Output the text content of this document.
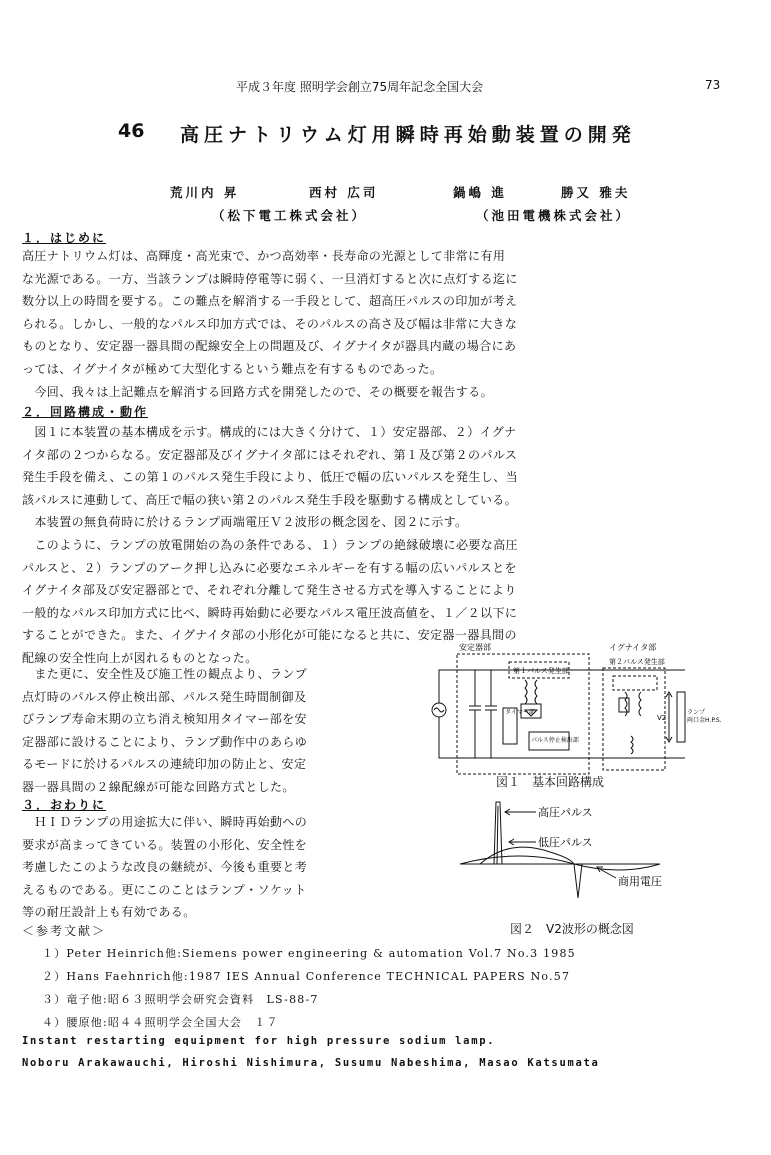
平成３年度 照明学会創立75周年記念全国大会	73
46 高圧ナトリウム灯用瞬時再始動装置の開発
荒川内 昇	西村 広司	鍋嶋 進	勝又 雅夫
（松下電工株式会社）	（池田電機株式会社）
１．はじめに
高圧ナトリウム灯は、高輝度・高光束で、かつ高効率・長寿命の光源として非常に有用
な光源である。一方、当該ランプは瞬時停電等に弱く、一旦消灯すると次に点灯する迄に
数分以上の時間を要する。この難点を解消する一手段として、超高圧パルスの印加が考え
られる。しかし、一般的なパルス印加方式では、そのパルスの高さ及び幅は非常に大きな
ものとなり、安定器一器具間の配線安全上の問題及び、イグナイタが器具内蔵の場合にあ
っては、イグナイタが極めて大型化するという難点を有するものであった。
　今回、我々は上記難点を解消する回路方式を開発したので、その概要を報告する。
２．回路構成・動作
　図１に本装置の基本構成を示す。構成的には大きく分けて、１）安定器部、２）イグナ
イタ部の２つからなる。安定器部及びイグナイタ部にはそれぞれ、第１及び第２のパルス
発生手段を備え、この第１のパルス発生手段により、低圧で幅の広いパルスを発生し、当
該パルスに連動して、高圧で幅の狭い第２のパルス発生手段を駆動する構成としている。
　本装置の無負荷時に於けるランプ両端電圧Ｖ２波形の概念図を、図２に示す。
　このように、ランプの放電開始の為の条件である、１）ランプの絶縁破壊に必要な高圧
パルスと、２）ランプのアーク押し込みに必要なエネルギーを有する幅の広いパルスとを
イグナイタ部及び安定器部とで、それぞれ分離して発生させる方式を導入することにより
一般的なパルス印加方式に比べ、瞬時再始動に必要なパルス電圧波高値を、１／２以下に
することができた。また、イグナイタ部の小形化が可能になると共に、安定器一器具間の
配線の安全性向上が図れるものとなった。
　また更に、安全性及び施工性の観点より、ランプ
点灯時のパルス停止検出部、パルス発生時間制御及
びランプ寿命末期の立ち消え検知用タイマー部を安
定器部に設けることにより、ランプ動作中のあらゆ
るモードに於けるパルスの連続印加の防止と、安定
器一器具間の２線配線が可能な回路方式とした。
３．おわりに
　ＨＩＤランプの用途拡大に伴い、瞬時再始動への
要求が高まってきている。装置の小形化、安全性を
考慮したこのような改良の継続が、今後も重要と考
えるものである。更にこのことはランプ・ソケット
等の耐圧設計上も有効である。
＜参考文献＞
１）Peter Heinrich他:Siemens power engineering & automation Vol.7 No.3 1985
２）Hans Faehnrich他:1987 IES Annual Conference TECHNICAL PAPERS No.57
３）竜子他:昭６３照明学会研究会資料　LS-88-7
４）腰原他:昭４４照明学会全国大会　１７
Instant restarting equipment for high pressure sodium lamp.
Noboru Arakawauchi, Hiroshi Nishimura, Susumu Nabeshima, Masao Katsumata
安定器部	イグナイタ部
第１パルス発生部
第２パルス発生部
タイマー部
パルス停止検出部
V2
ランプ
両口金H.P.S.
図１　基本回路構成
高圧パルス
低圧パルス
商用電圧
図２　V2波形の概念図
